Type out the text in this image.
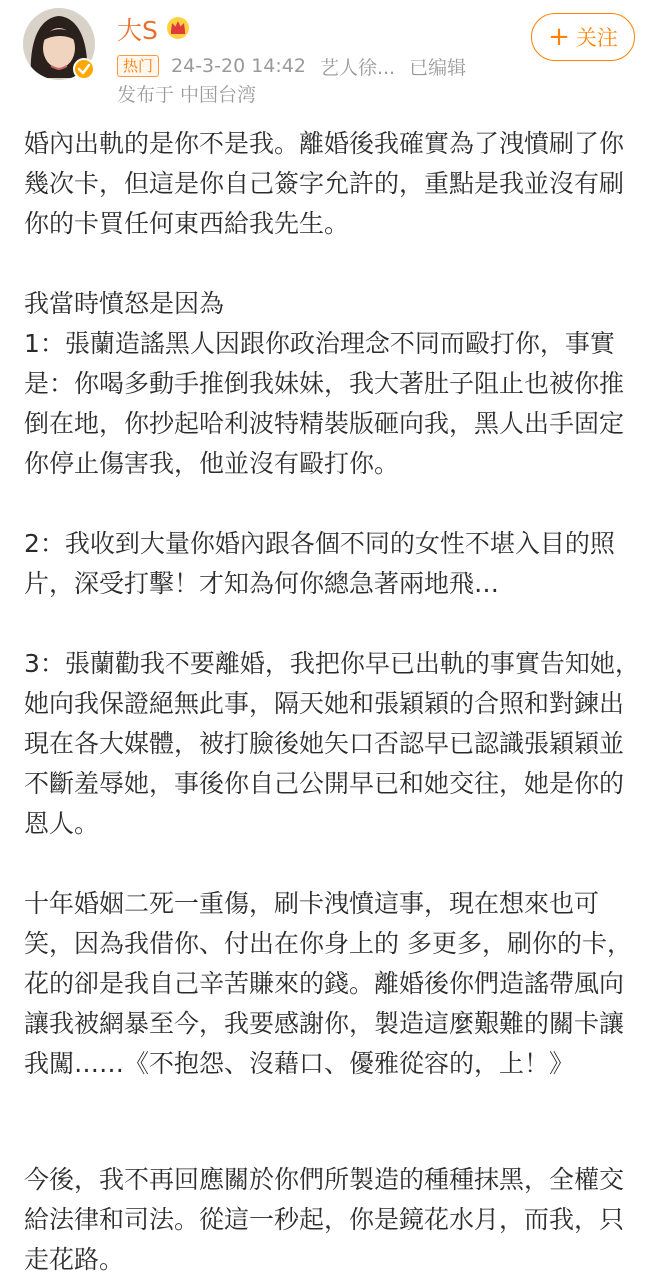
大S
热门 24-3-20 14:42 艺人徐... 已编辑
发布于 中国台湾
+ 关注

婚內出軌的是你不是我。離婚後我確實為了洩憤刷了你幾次卡，但這是你自己簽字允許的，重點是我並沒有刷你的卡買任何東西給我先生。

我當時憤怒是因為

1：張蘭造謠黑人因跟你政治理念不同而毆打你，事實是：你喝多動手推倒我妹妹，我大著肚子阻止也被你推倒在地，你抄起哈利波特精裝版砸向我，黑人出手固定你停止傷害我，他並沒有毆打你。

2：我收到大量你婚內跟各個不同的女性不堪入目的照片，深受打擊！才知為何你總急著兩地飛…

3：張蘭勸我不要離婚，我把你早已出軌的事實告知她，她向我保證絕無此事，隔天她和張穎穎的合照和對鍊出現在各大媒體，被打臉後她矢口否認早已認識張穎穎並不斷羞辱她，事後你自己公開早已和她交往，她是你的恩人。

十年婚姻二死一重傷，刷卡洩憤這事，現在想來也可笑，因為我借你、付出在你身上的 多更多，刷你的卡，花的卻是我自己辛苦賺來的錢。離婚後你們造謠帶風向讓我被網暴至今，我要感謝你，製造這麼艱難的關卡讓我闖……《不抱怨、沒藉口、優雅從容的，上！》

今後，我不再回應關於你們所製造的種種抹黑，全權交給法律和司法。從這一秒起，你是鏡花水月，而我，只走花路。
